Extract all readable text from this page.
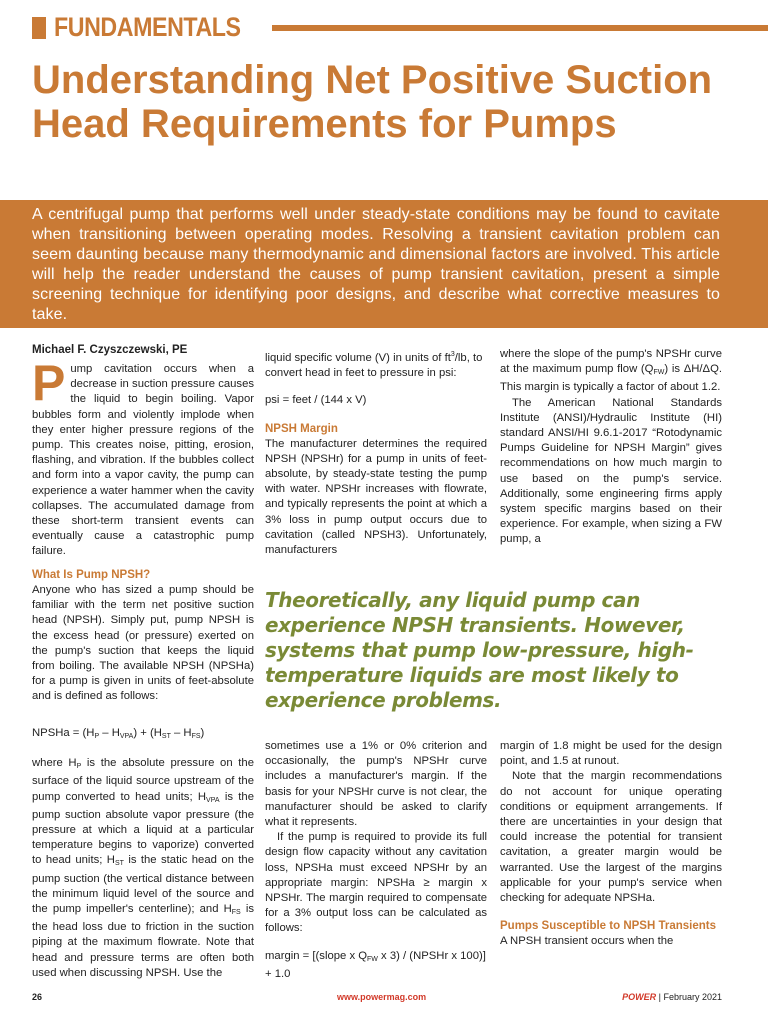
FUNDAMENTALS
Understanding Net Positive Suction Head Requirements for Pumps

A centrifugal pump that performs well under steady-state conditions may be found to cavitate when transitioning between operating modes. Resolving a transient cavitation problem can seem daunting because many thermodynamic and dimensional factors are involved. This article will help the reader understand the causes of pump transient cavitation, present a simple screening technique for identifying poor designs, and describe what corrective measures to take.

Michael F. Czyszczewski, PE

Pump cavitation occurs when a decrease in suction pressure causes the liquid to begin boiling. Vapor bubbles form and violently implode when they enter higher pressure regions of the pump. This creates noise, pitting, erosion, flashing, and vibration. If the bubbles collect and form into a vapor cavity, the pump can experience a water hammer when the cavity collapses. The accumulated damage from these short-term transient events can eventually cause a catastrophic pump failure.

What Is Pump NPSH?

Anyone who has sized a pump should be familiar with the term net positive suction head (NPSH). Simply put, pump NPSH is the excess head (or pressure) exerted on the pump's suction that keeps the liquid from boiling. The available NPSH (NPSHa) for a pump is given in units of feet-absolute and is defined as follows:

NPSHa = $(H_P - H_{VPA}) + (H_{ST} - H_{FS})$

where $H_P$ is the absolute pressure on the surface of the liquid source upstream of the pump converted to head units; $H_{VPA}$ is the pump suction absolute vapor pressure (the pressure at which a liquid at a particular temperature begins to vaporize) converted to head units; $H_{ST}$ is the static head on the pump suction (the vertical distance between the minimum liquid level of the source and the pump impeller's centerline); and $H_{FS}$ is the head loss due to friction in the suction piping at the maximum flowrate. Note that head and pressure terms are often both used when discussing NPSH. Use the

liquid specific volume (V) in units of $ft^3/lb$, to convert head in feet to pressure in psi:

psi = feet / (144 x V)

NPSH Margin

The manufacturer determines the required NPSH (NPSHr) for a pump in units of feet-absolute, by steady-state testing the pump with water. NPSHr increases with flowrate, and typically represents the point at which a 3% loss in pump output occurs due to cavitation (called NPSH3). Unfortunately, manufacturers

sometimes use a 1% or 0% criterion and occasionally, the pump's NPSHr curve includes a manufacturer's margin. If the basis for your NPSHr curve is not clear, the manufacturer should be asked to clarify what it represents.

If the pump is required to provide its full design flow capacity without any cavitation loss, NPSHa must exceed NPSHr by an appropriate margin: NPSHa ≥ margin x NPSHr. The margin required to compensate for a 3% output loss can be calculated as follows:

margin = [(slope x $Q_{FW}$ x 3) / (NPSHr x 100)] + 1.0

where the slope of the pump's NPSHr curve at the maximum pump flow $(Q_{FW})$ is ΔH/ΔQ. This margin is typically a factor of about 1.2.

The American National Standards Institute (ANSI)/Hydraulic Institute (HI) standard ANSI/HI 9.6.1-2017 “Rotodynamic Pumps Guideline for NPSH Margin” gives recommendations on how much margin to use based on the pump's service. Additionally, some engineering firms apply system specific margins based on their experience. For example, when sizing a FW pump, a

margin of 1.8 might be used for the design point, and 1.5 at runout.

Note that the margin recommendations do not account for unique operating conditions or equipment arrangements. If there are uncertainties in your design that could increase the potential for transient cavitation, a greater margin would be warranted. Use the largest of the margins applicable for your pump's service when checking for adequate NPSHa.

Pumps Susceptible to NPSH Transients

A NPSH transient occurs when the

Theoretically, any liquid pump can experience NPSH transients. However, systems that pump low-pressure, high-temperature liquids are most likely to experience problems.
26	www.powermag.com	POWER | February 2021
